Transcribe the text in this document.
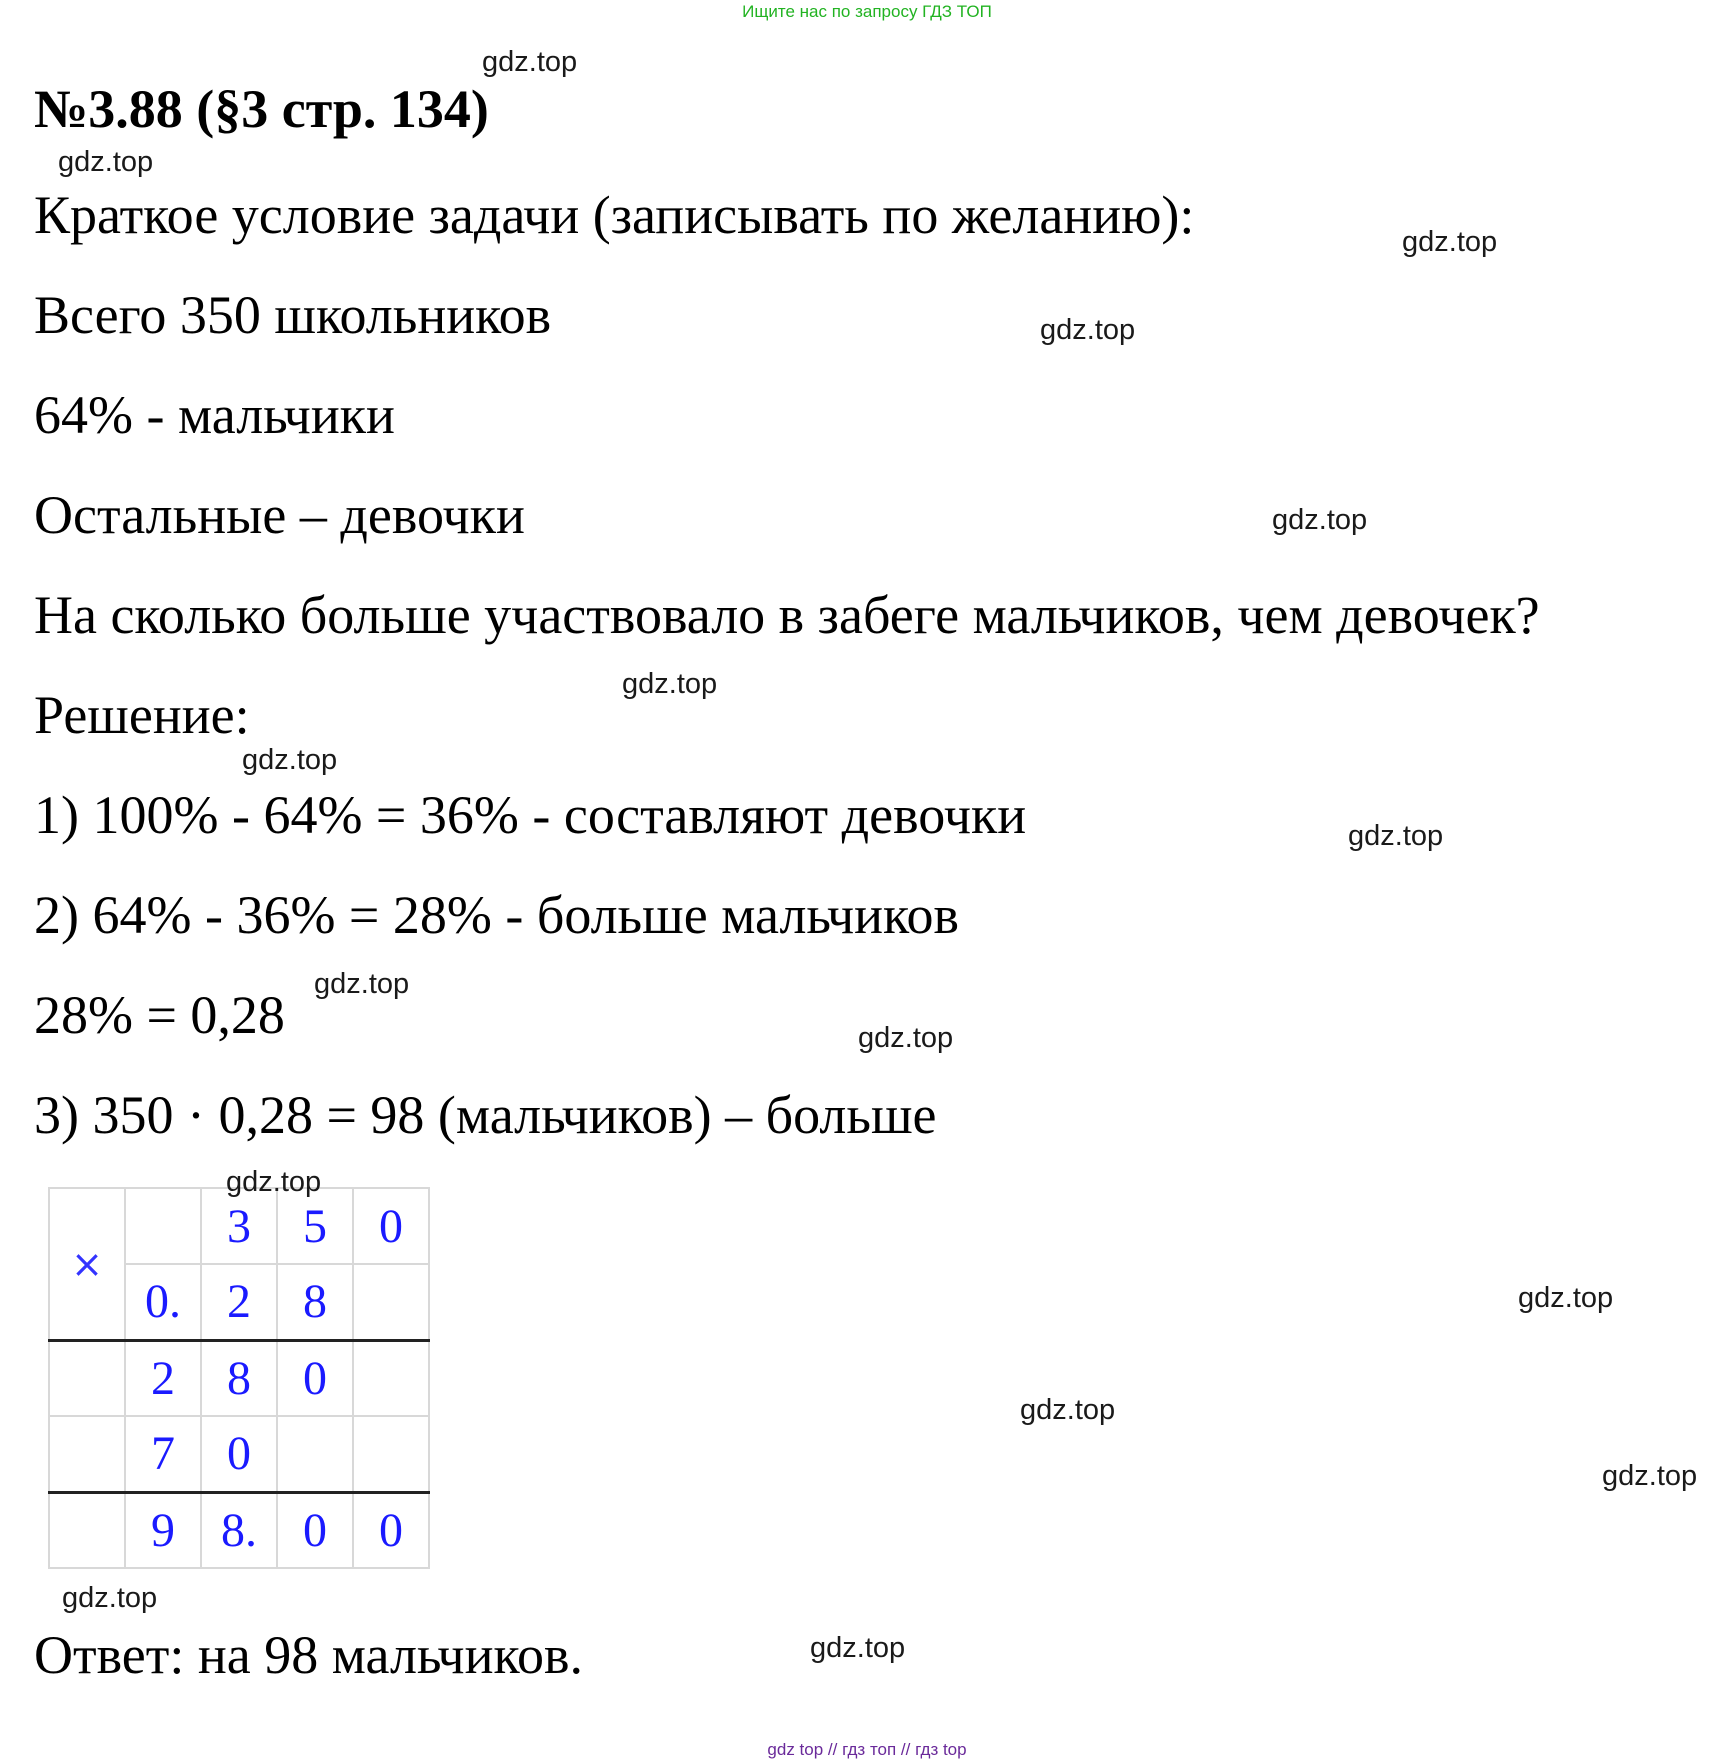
Ищите нас по запросу ГДЗ ТОП
№3.88 (§3 стр. 134)
Краткое условие задачи (записывать по желанию):
Всего 350 школьников
64% - мальчики
Остальные – девочки
На сколько больше участвовало в забеге мальчиков, чем девочек?
Решение:
1) 100% - 64% = 36% - составляют девочки
2) 64% - 36% = 28% - больше мальчиков
28% = 0,28
3) 350 · 0,28 = 98 (мальчиков) – больше
×		3	5	0
	0.	2	8	
	2	8	0	
	7	0		
	9	8.	0	0
Ответ: на 98 мальчиков.
gdz.top
gdz.top
gdz.top
gdz.top
gdz.top
gdz.top
gdz.top
gdz.top
gdz.top
gdz.top
gdz.top
gdz.top
gdz.top
gdz.top
gdz.top
gdz.top
gdz top // гдз топ // гдз top
